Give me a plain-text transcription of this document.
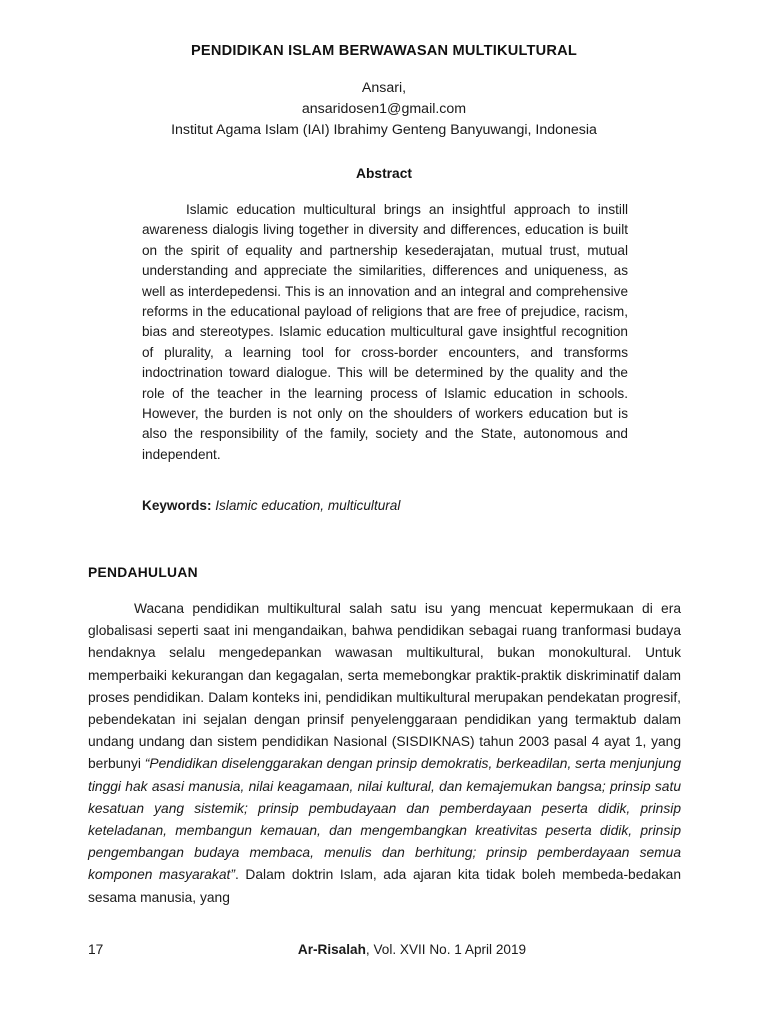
PENDIDIKAN ISLAM BERWAWASAN MULTIKULTURAL
Ansari,
ansaridosen1@gmail.com
Institut Agama Islam (IAI) Ibrahimy Genteng Banyuwangi, Indonesia
Abstract
Islamic education multicultural brings an insightful approach to instill awareness dialogis living together in diversity and differences, education is built on the spirit of equality and partnership kesederajatan, mutual trust, mutual understanding and appreciate the similarities, differences and uniqueness, as well as interdepedensi. This is an innovation and an integral and comprehensive reforms in the educational payload of religions that are free of prejudice, racism, bias and stereotypes. Islamic education multicultural gave insightful recognition of plurality, a learning tool for cross-border encounters, and transforms indoctrination toward dialogue. This will be determined by the quality and the role of the teacher in the learning process of Islamic education in schools. However, the burden is not only on the shoulders of workers education but is also the responsibility of the family, society and the State, autonomous and independent.
Keywords: Islamic education, multicultural
PENDAHULUAN
Wacana pendidikan multikultural salah satu isu yang mencuat kepermukaan di era globalisasi seperti saat ini mengandaikan, bahwa pendidikan sebagai ruang tranformasi budaya hendaknya selalu mengedepankan wawasan multikultural, bukan monokultural. Untuk memperbaiki kekurangan dan kegagalan, serta memebongkar praktik-praktik diskriminatif dalam proses pendidikan. Dalam konteks ini, pendidikan multikultural merupakan pendekatan progresif, pebendekatan ini sejalan dengan prinsif penyelenggaraan pendidikan yang termaktub dalam undang undang dan sistem pendidikan Nasional (SISDIKNAS) tahun 2003 pasal 4 ayat 1, yang berbunyi “Pendidikan diselenggarakan dengan prinsip demokratis, berkeadilan, serta menjunjung tinggi hak asasi manusia, nilai keagamaan, nilai kultural, dan kemajemukan bangsa; prinsip satu kesatuan yang sistemik; prinsip pembudayaan dan pemberdayaan peserta didik, prinsip keteladanan, membangun kemauan, dan mengembangkan kreativitas peserta didik, prinsip pengembangan budaya membaca, menulis dan berhitung; prinsip pemberdayaan semua komponen masyarakat”. Dalam doktrin Islam, ada ajaran kita tidak boleh membeda-bedakan sesama manusia, yang
17	Ar-Risalah, Vol. XVII No. 1 April 2019
